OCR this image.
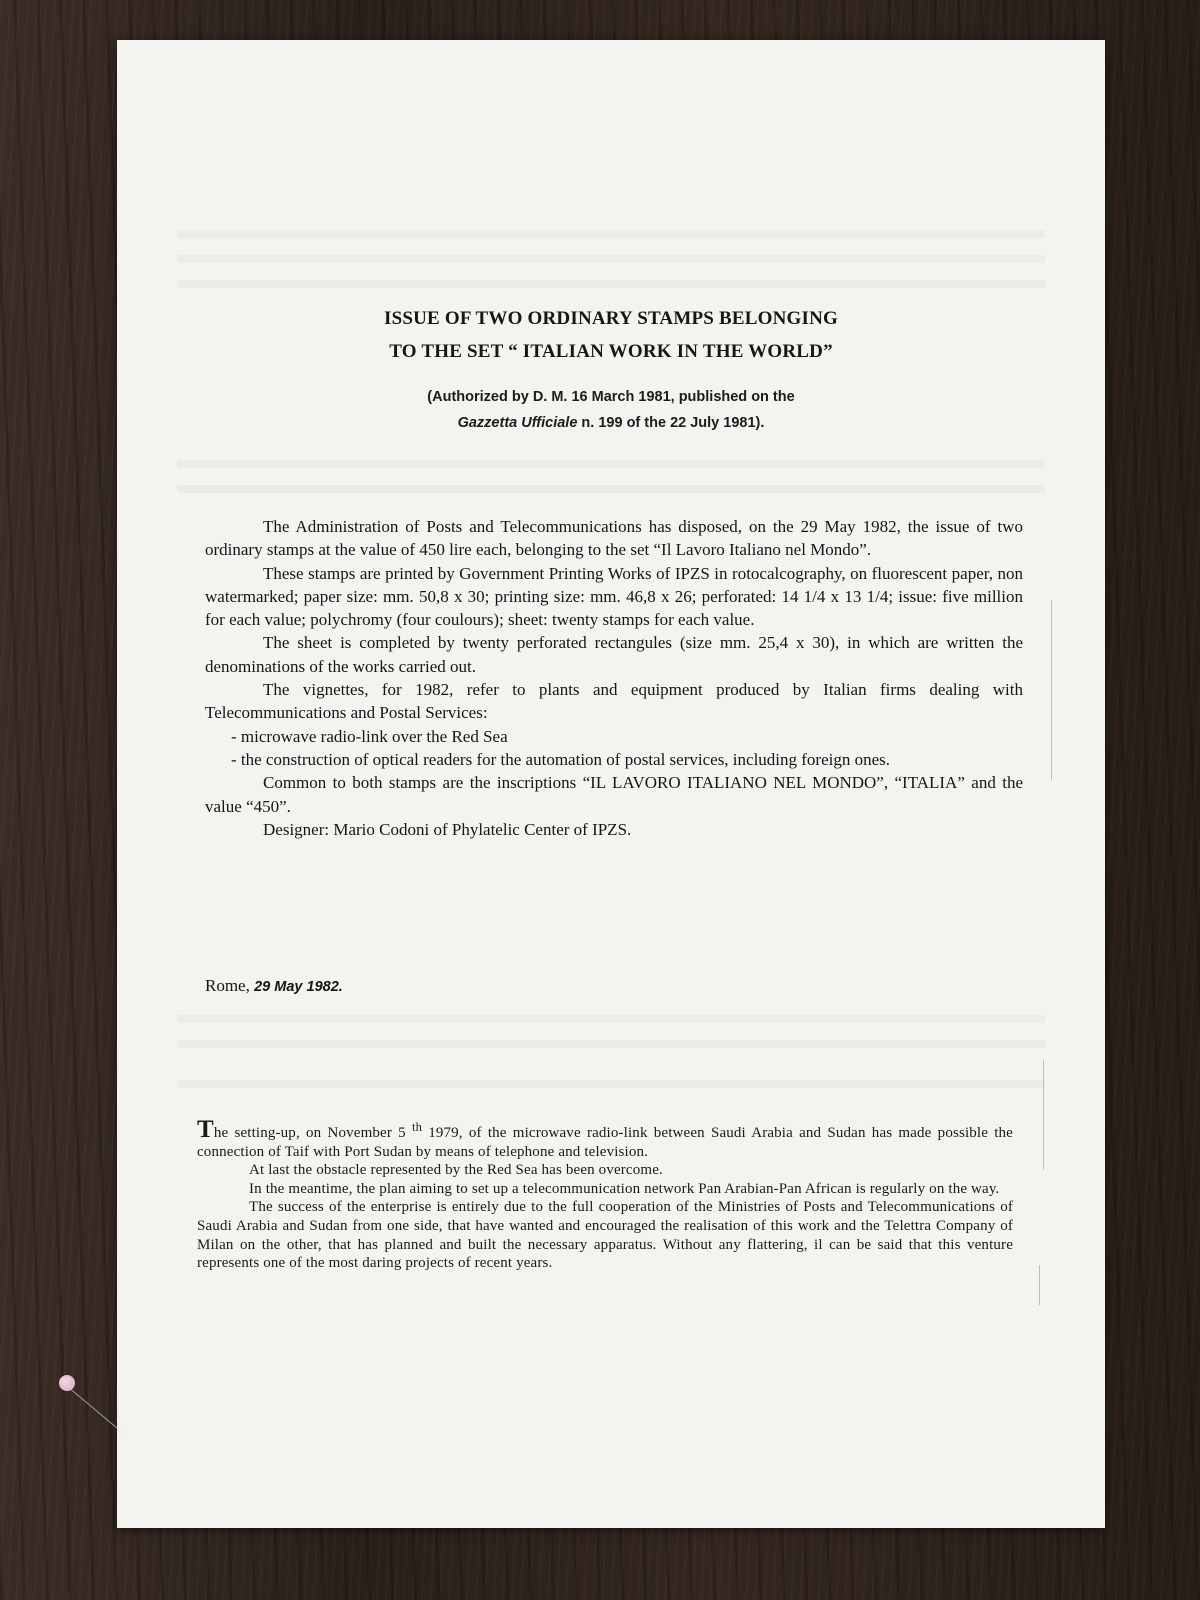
ISSUE OF TWO ORDINARY STAMPS BELONGING
TO THE SET “ ITALIAN WORK IN THE WORLD”
(Authorized by D. M. 16 March 1981, published on the
Gazzetta Ufficiale n. 199 of the 22 July 1981).

The Administration of Posts and Telecommunications has disposed, on the 29 May 1982, the issue of two ordinary stamps at the value of 450 lire each, belonging to the set “Il Lavoro Italiano nel Mondo”.

These stamps are printed by Government Printing Works of IPZS in rotocalcography, on fluorescent paper, non watermarked; paper size: mm. 50,8 x 30; printing size: mm. 46,8 x 26; perforated: 14 1/4 x 13 1/4; issue: five million for each value; polychromy (four coulours); sheet: twenty stamps for each value.

The sheet is completed by twenty perforated rectangules (size mm. 25,4 x 30), in which are written the denominations of the works carried out.

The vignettes, for 1982, refer to plants and equipment produced by Italian firms dealing with Telecommunications and Postal Services:

- microwave radio-link over the Red Sea

- the construction of optical readers for the automation of postal services, including foreign ones.

Common to both stamps are the inscriptions “IL LAVORO ITALIANO NEL MONDO”, “ITALIA” and the value “450”.

Designer: Mario Codoni of Phylatelic Center of IPZS.

Rome, 29 May 1982.

The setting-up, on November 5 $^{th}$ 1979, of the microwave radio-link between Saudi Arabia and Sudan has made possible the connection of Taif with Port Sudan by means of telephone and television.

At last the obstacle represented by the Red Sea has been overcome.

In the meantime, the plan aiming to set up a telecommunication network Pan Arabian-Pan African is regularly on the way.

The success of the enterprise is entirely due to the full cooperation of the Ministries of Posts and Telecommunications of Saudi Arabia and Sudan from one side, that have wanted and encouraged the realisation of this work and the Telettra Company of Milan on the other, that has planned and built the necessary apparatus. Without any flattering, il can be said that this venture represents one of the most daring projects of recent years.
